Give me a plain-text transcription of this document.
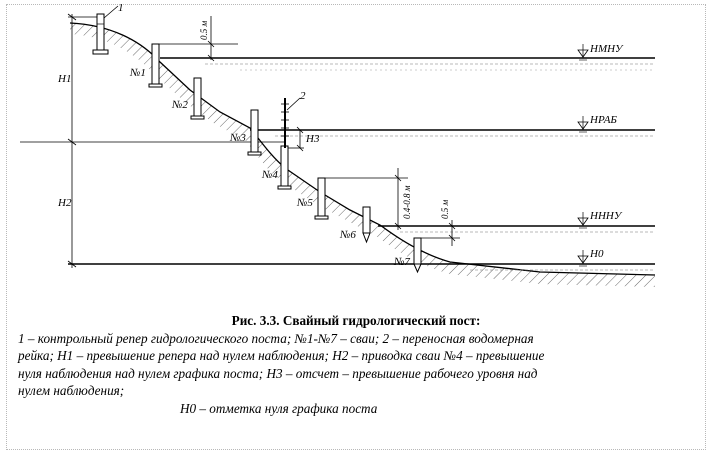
1
2
0.5 м
0.4-0.8 м	0.5 м
№1
№2
№3
№4
№5
№6
№7
H1
H2
H3
НМНУ
НРАБ
НННУ
Н0
Рис. 3.3. Свайный гидрологический пост:
1 – контрольный репер гидрологического поста; №1-№7 – сваи; 2 – переносная водомерная
рейка; H1 – превышение репера над нулем наблюдения; H2 – приводка сваи №4 – превышение
нуля наблюдения над нулем графика поста; H3 – отсчет – превышение рабочего уровня над
нулем наблюдения;
H0 – отметка нуля графика поста
